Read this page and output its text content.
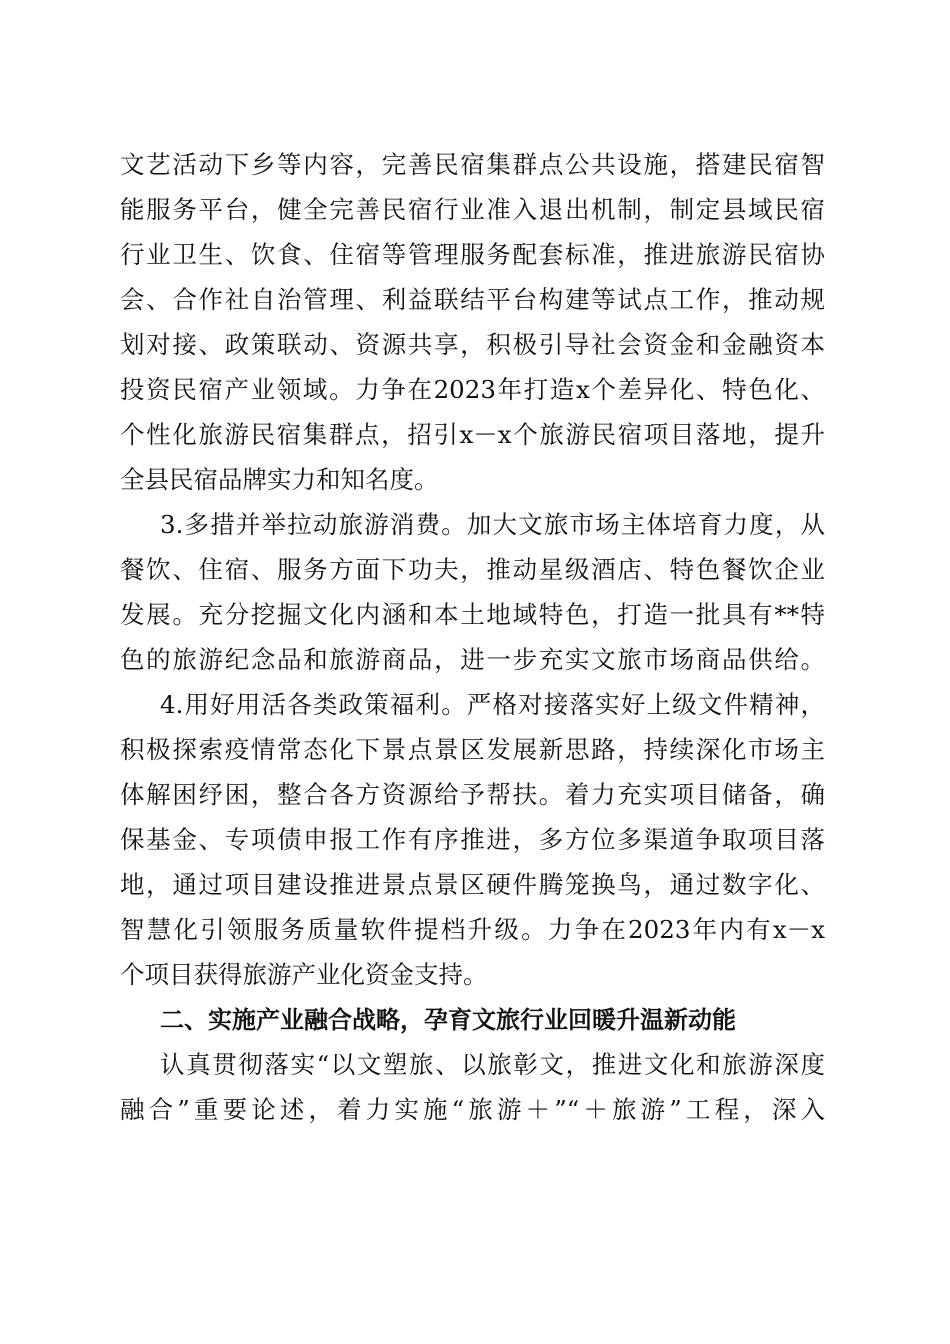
文艺活动下乡等内容，完善民宿集群点公共设施，搭建民宿智
能服务平台，健全完善民宿行业准入退出机制，制定县域民宿
行业卫生、饮食、住宿等管理服务配套标准，推进旅游民宿协
会、合作社自治管理、利益联结平台构建等试点工作，推动规
划对接、政策联动、资源共享，积极引导社会资金和金融资本
投资民宿产业领域。力争在2023年打造x个差异化、特色化、
个性化旅游民宿集群点，招引x－x个旅游民宿项目落地，提升
全县民宿品牌实力和知名度。
3.多措并举拉动旅游消费。加大文旅市场主体培育力度，从
餐饮、住宿、服务方面下功夫，推动星级酒店、特色餐饮企业
发展。充分挖掘文化内涵和本土地域特色，打造一批具有**特
色的旅游纪念品和旅游商品，进一步充实文旅市场商品供给。
4.用好用活各类政策福利。严格对接落实好上级文件精神，
积极探索疫情常态化下景点景区发展新思路，持续深化市场主
体解困纾困，整合各方资源给予帮扶。着力充实项目储备，确
保基金、专项债申报工作有序推进，多方位多渠道争取项目落
地，通过项目建设推进景点景区硬件腾笼换鸟，通过数字化、
智慧化引领服务质量软件提档升级。力争在2023年内有x－x
个项目获得旅游产业化资金支持。
二、实施产业融合战略，孕育文旅行业回暖升温新动能
认真贯彻落实“以文塑旅、以旅彰文，推进文化和旅游深度
融合”重要论述，着力实施“旅游＋”“＋旅游”工程，深入
